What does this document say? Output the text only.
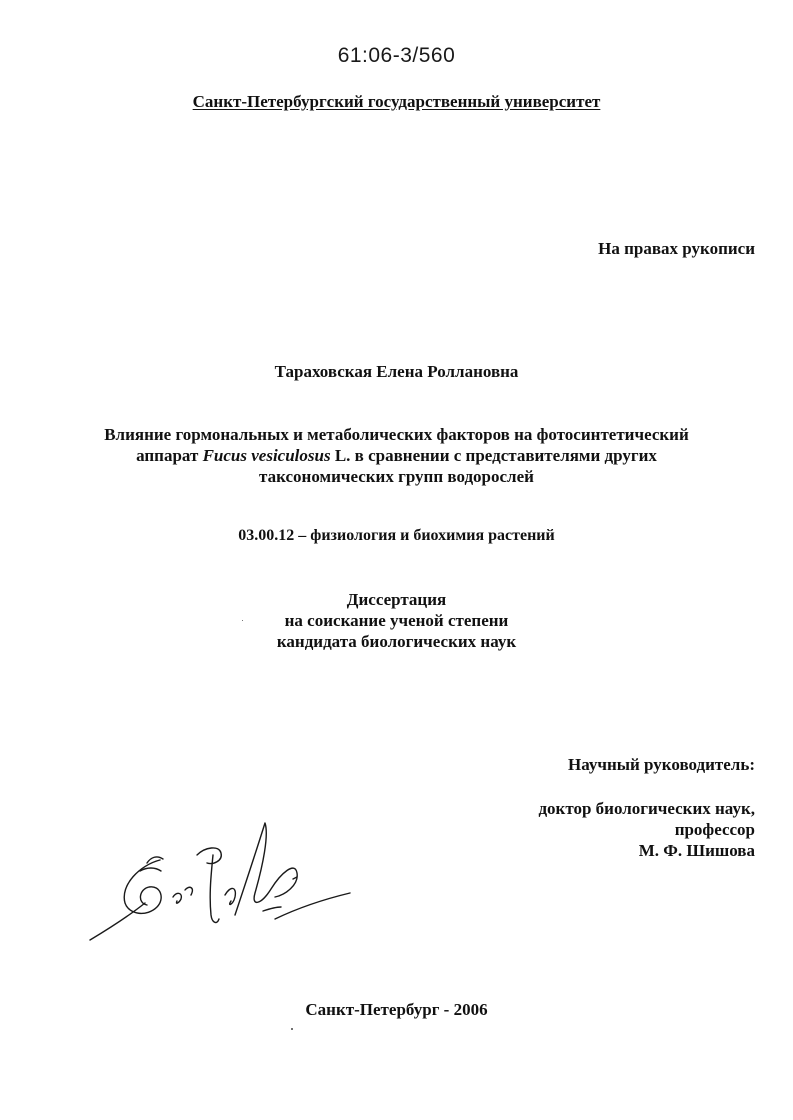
61:06-3/560
Санкт-Петербургский государственный университет
На правах рукописи
Тараховская Елена Роллановна
Влияние гормональных и метаболических факторов на фотосинтетический
аппарат Fucus vesiculosus L. в сравнении с представителями других
таксономических групп водорослей
03.00.12 – физиология и биохимия растений
Диссертация
на соискание ученой степени
кандидата биологических наук
Научный руководитель:
доктор биологических наук,
профессор
М. Ф. Шишова
Санкт-Петербург - 2006
